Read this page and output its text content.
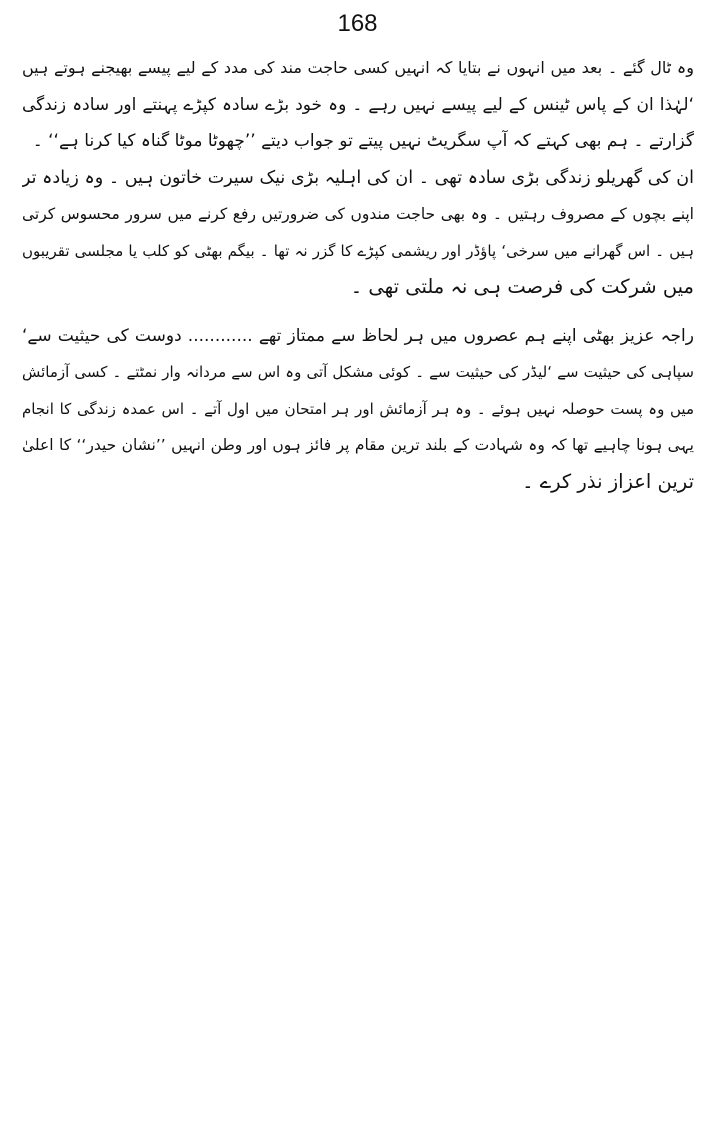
168
وہ ٹال گئے ۔ بعد میں انہوں نے بتایا کہ انہیں کسی حاجت مند کی مدد کے لیے پیسے بھیجنے ہوتے ہیں
‘لہٰذا ان کے پاس ٹینس کے لیے پیسے نہیں رہے ۔ وہ خود بڑے سادہ کپڑے پہنتے اور سادہ زندگی
گزارتے ۔ ہم بھی کہتے کہ آپ سگریٹ نہیں پیتے تو جواب دیتے ’’چھوٹا موٹا گناہ کیا کرنا ہے‘‘ ۔
ان کی گھریلو زندگی بڑی سادہ تھی ۔ ان کی اہلیہ بڑی نیک سیرت خاتون ہیں ۔ وہ زیادہ تر
اپنے بچوں کے مصروف رہتیں ۔ وہ بھی حاجت مندوں کی ضرورتیں رفع کرنے میں سرور محسوس کرتی
ہیں ۔ اس گھرانے میں سرخی‘ پاؤڈر اور ریشمی کپڑے کا گزر نہ تھا ۔ بیگم بھٹی کو کلب یا مجلسی تقریبوں
میں شرکت کی فرصت ہی نہ ملتی تھی ۔
راجہ عزیز بھٹی اپنے ہم عصروں میں ہر لحاظ سے ممتاز تھے ............ دوست کی حیثیت سے‘
سپاہی کی حیثیت سے ‘لیڈر کی حیثیت سے ۔ کوئی مشکل آتی وہ اس سے مردانہ وار نمٹتے ۔ کسی آزمائش
میں وہ پست حوصلہ نہیں ہوئے ۔ وہ ہر آزمائش اور ہر امتحان میں اول آتے ۔ اس عمدہ زندگی کا انجام
یہی ہونا چاہیے تھا کہ وہ شہادت کے بلند ترین مقام پر فائز ہوں اور وطن انہیں ’’نشان حیدر‘‘ کا اعلیٰ
ترین اعزاز نذر کرے ۔
